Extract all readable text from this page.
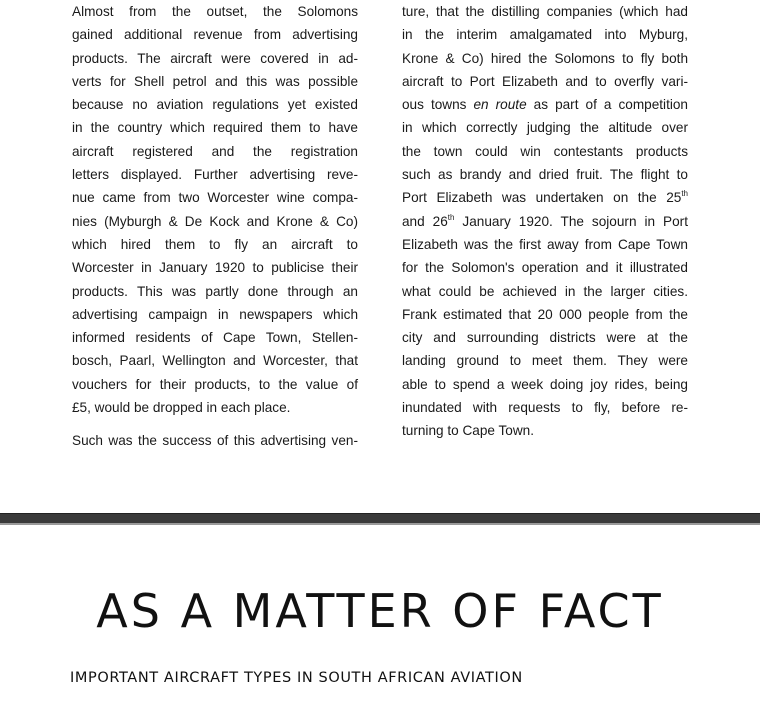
Almost from the outset, the Solomons
gained additional revenue from advertising
products. The aircraft were covered in ad-
verts for Shell petrol and this was possible
because no aviation regulations yet existed
in the country which required them to have
aircraft registered and the registration
letters displayed. Further advertising reve-
nue came from two Worcester wine compa-
nies (Myburgh & De Kock and Krone & Co)
which hired them to fly an aircraft to
Worcester in January 1920 to publicise their
products. This was partly done through an
advertising campaign in newspapers which
informed residents of Cape Town, Stellen-
bosch, Paarl, Wellington and Worcester, that
vouchers for their products, to the value of
£5, would be dropped in each place.
Such was the success of this advertising ven-
ture, that the distilling companies (which had
in the interim amalgamated into Myburg,
Krone & Co) hired the Solomons to fly both
aircraft to Port Elizabeth and to overfly vari-
ous towns en route as part of a competition
in which correctly judging the altitude over
the town could win contestants products
such as brandy and dried fruit. The flight to
Port Elizabeth was undertaken on the 25th
and 26th January 1920. The sojourn in Port
Elizabeth was the first away from Cape Town
for the Solomon's operation and it illustrated
what could be achieved in the larger cities.
Frank estimated that 20 000 people from the
city and surrounding districts were at the
landing ground to meet them. They were
able to spend a week doing joy rides, being
inundated with requests to fly, before re-
turning to Cape Town.
AS A MATTER OF FACT
IMPORTANT AIRCRAFT TYPES IN SOUTH AFRICAN AVIATION
